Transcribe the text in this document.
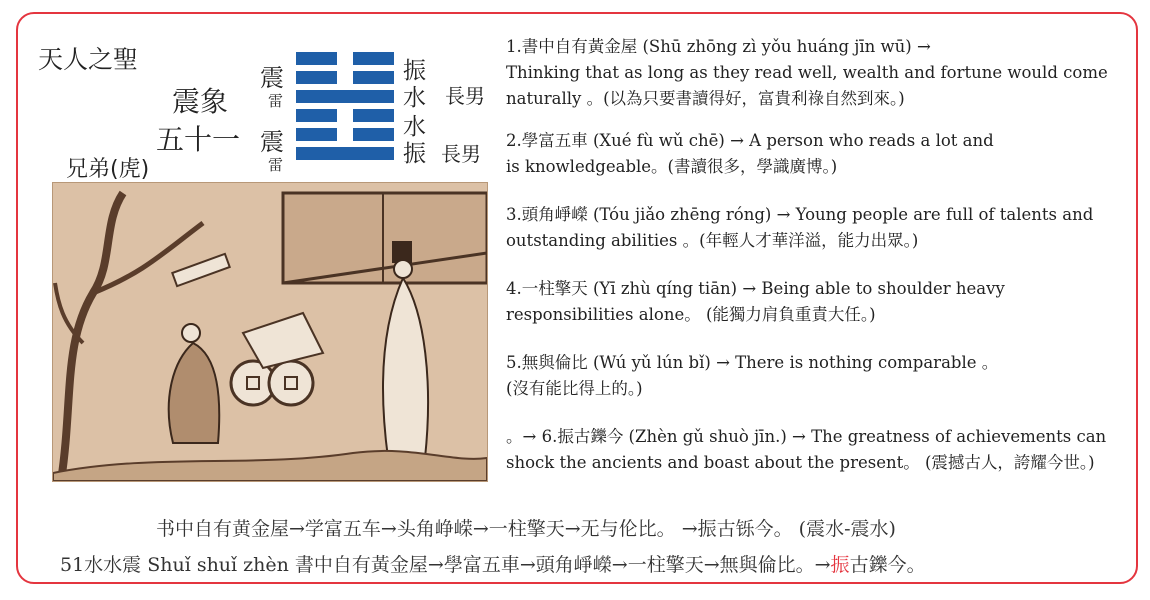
天人之聖
震象
五十一
兄弟(虎)
震
雷
震
雷
振水
水振
長男
長男
1.書中自有黃金屋 (Shū zhōng zì yǒu huáng jīn wū) →
Thinking that as long as they read well, wealth and fortune would come
naturally 。(以為只要書讀得好，富貴利祿自然到來。)
2.學富五車 (Xué fù wǔ chē) → A person who reads a lot and
is knowledgeable。(書讀很多，學識廣博。)
3.頭角崢嶸 (Tóu jiǎo zhēng róng) → Young people are full of talents and
outstanding abilities 。(年輕人才華洋溢，能力出眾。)
4.一柱擎天 (Yī zhù qíng tiān) → Being able to shoulder heavy
responsibilities alone。 (能獨力肩負重責大任。)
5.無與倫比 (Wú yǔ lún bǐ) → There is nothing comparable 。
(沒有能比得上的。)
。→ 6.振古鑠今 (Zhèn gǔ shuò jīn.) → The greatness of achievements can
shock the ancients and boast about the present。 (震撼古人，誇耀今世。)
书中自有黄金屋→学富五车→头角峥嵘→一柱擎天→无与伦比。 →振古铄今。 (震水-震水)
51水水震 Shuǐ shuǐ zhèn 書中自有黃金屋→學富五車→頭角崢嶸→一柱擎天→無與倫比。→振古鑠今。
